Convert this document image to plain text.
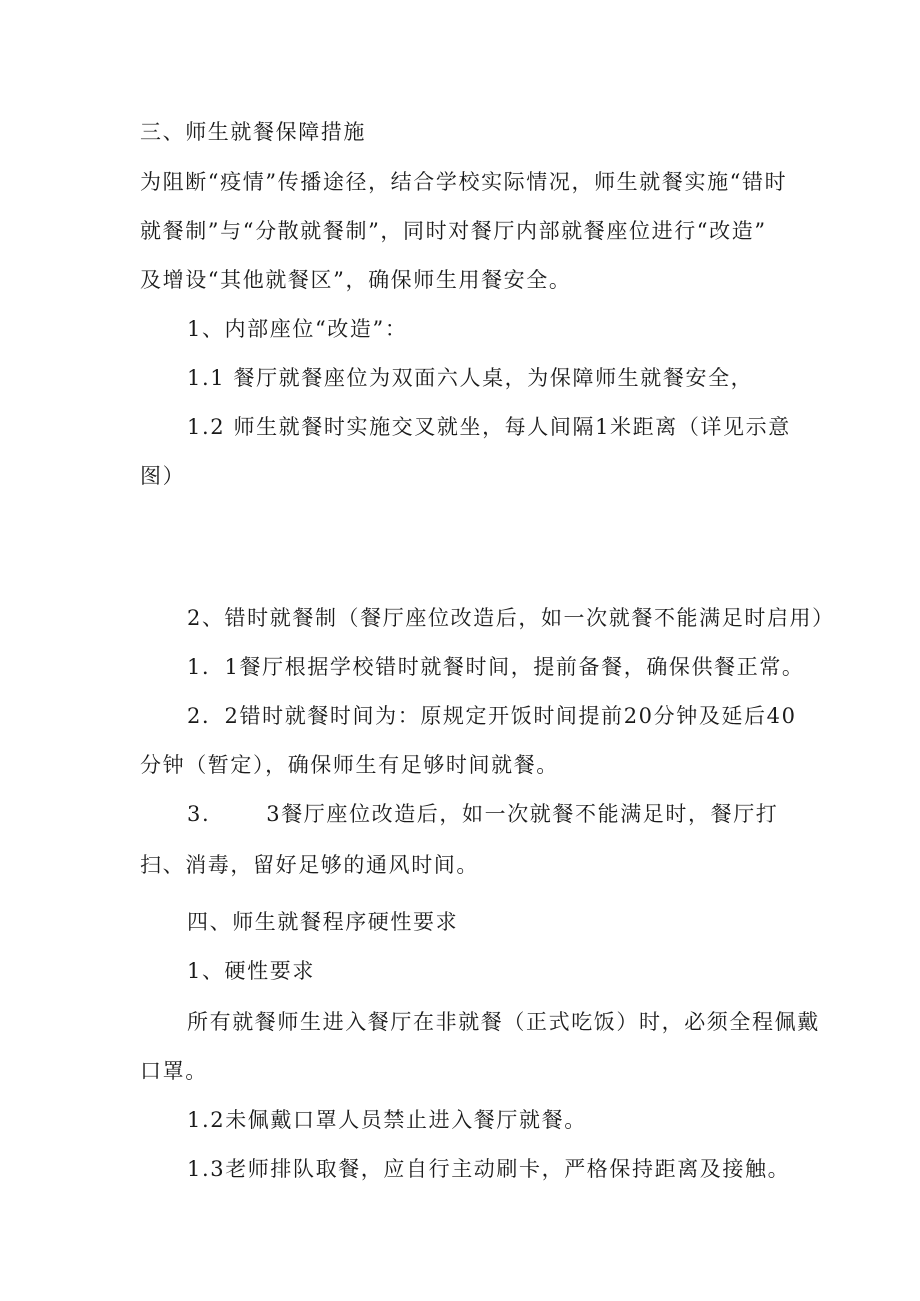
三、师生就餐保障措施

为阻断“疫情”传播途径，结合学校实际情况，师生就餐实施“错时

就餐制”与“分散就餐制”，同时对餐厅内部就餐座位进行“改造”

及增设“其他就餐区”，确保师生用餐安全。

1、内部座位“改造”：

1.1 餐厅就餐座位为双面六人桌，为保障师生就餐安全，

1.2 师生就餐时实施交叉就坐，每人间隔1米距离（详见示意

图）

2、错时就餐制（餐厅座位改造后，如一次就餐不能满足时启用）

1．1餐厅根据学校错时就餐时间，提前备餐，确保供餐正常。

2．2错时就餐时间为：原规定开饭时间提前20分钟及延后40

分钟（暂定），确保师生有足够时间就餐。

3.	3餐厅座位改造后，如一次就餐不能满足时，餐厅打

扫、消毒，留好足够的通风时间。

四、师生就餐程序硬性要求

1、硬性要求

所有就餐师生进入餐厅在非就餐（正式吃饭）时，必须全程佩戴

口罩。

1.2未佩戴口罩人员禁止进入餐厅就餐。

1.3老师排队取餐，应自行主动刷卡，严格保持距离及接触。
